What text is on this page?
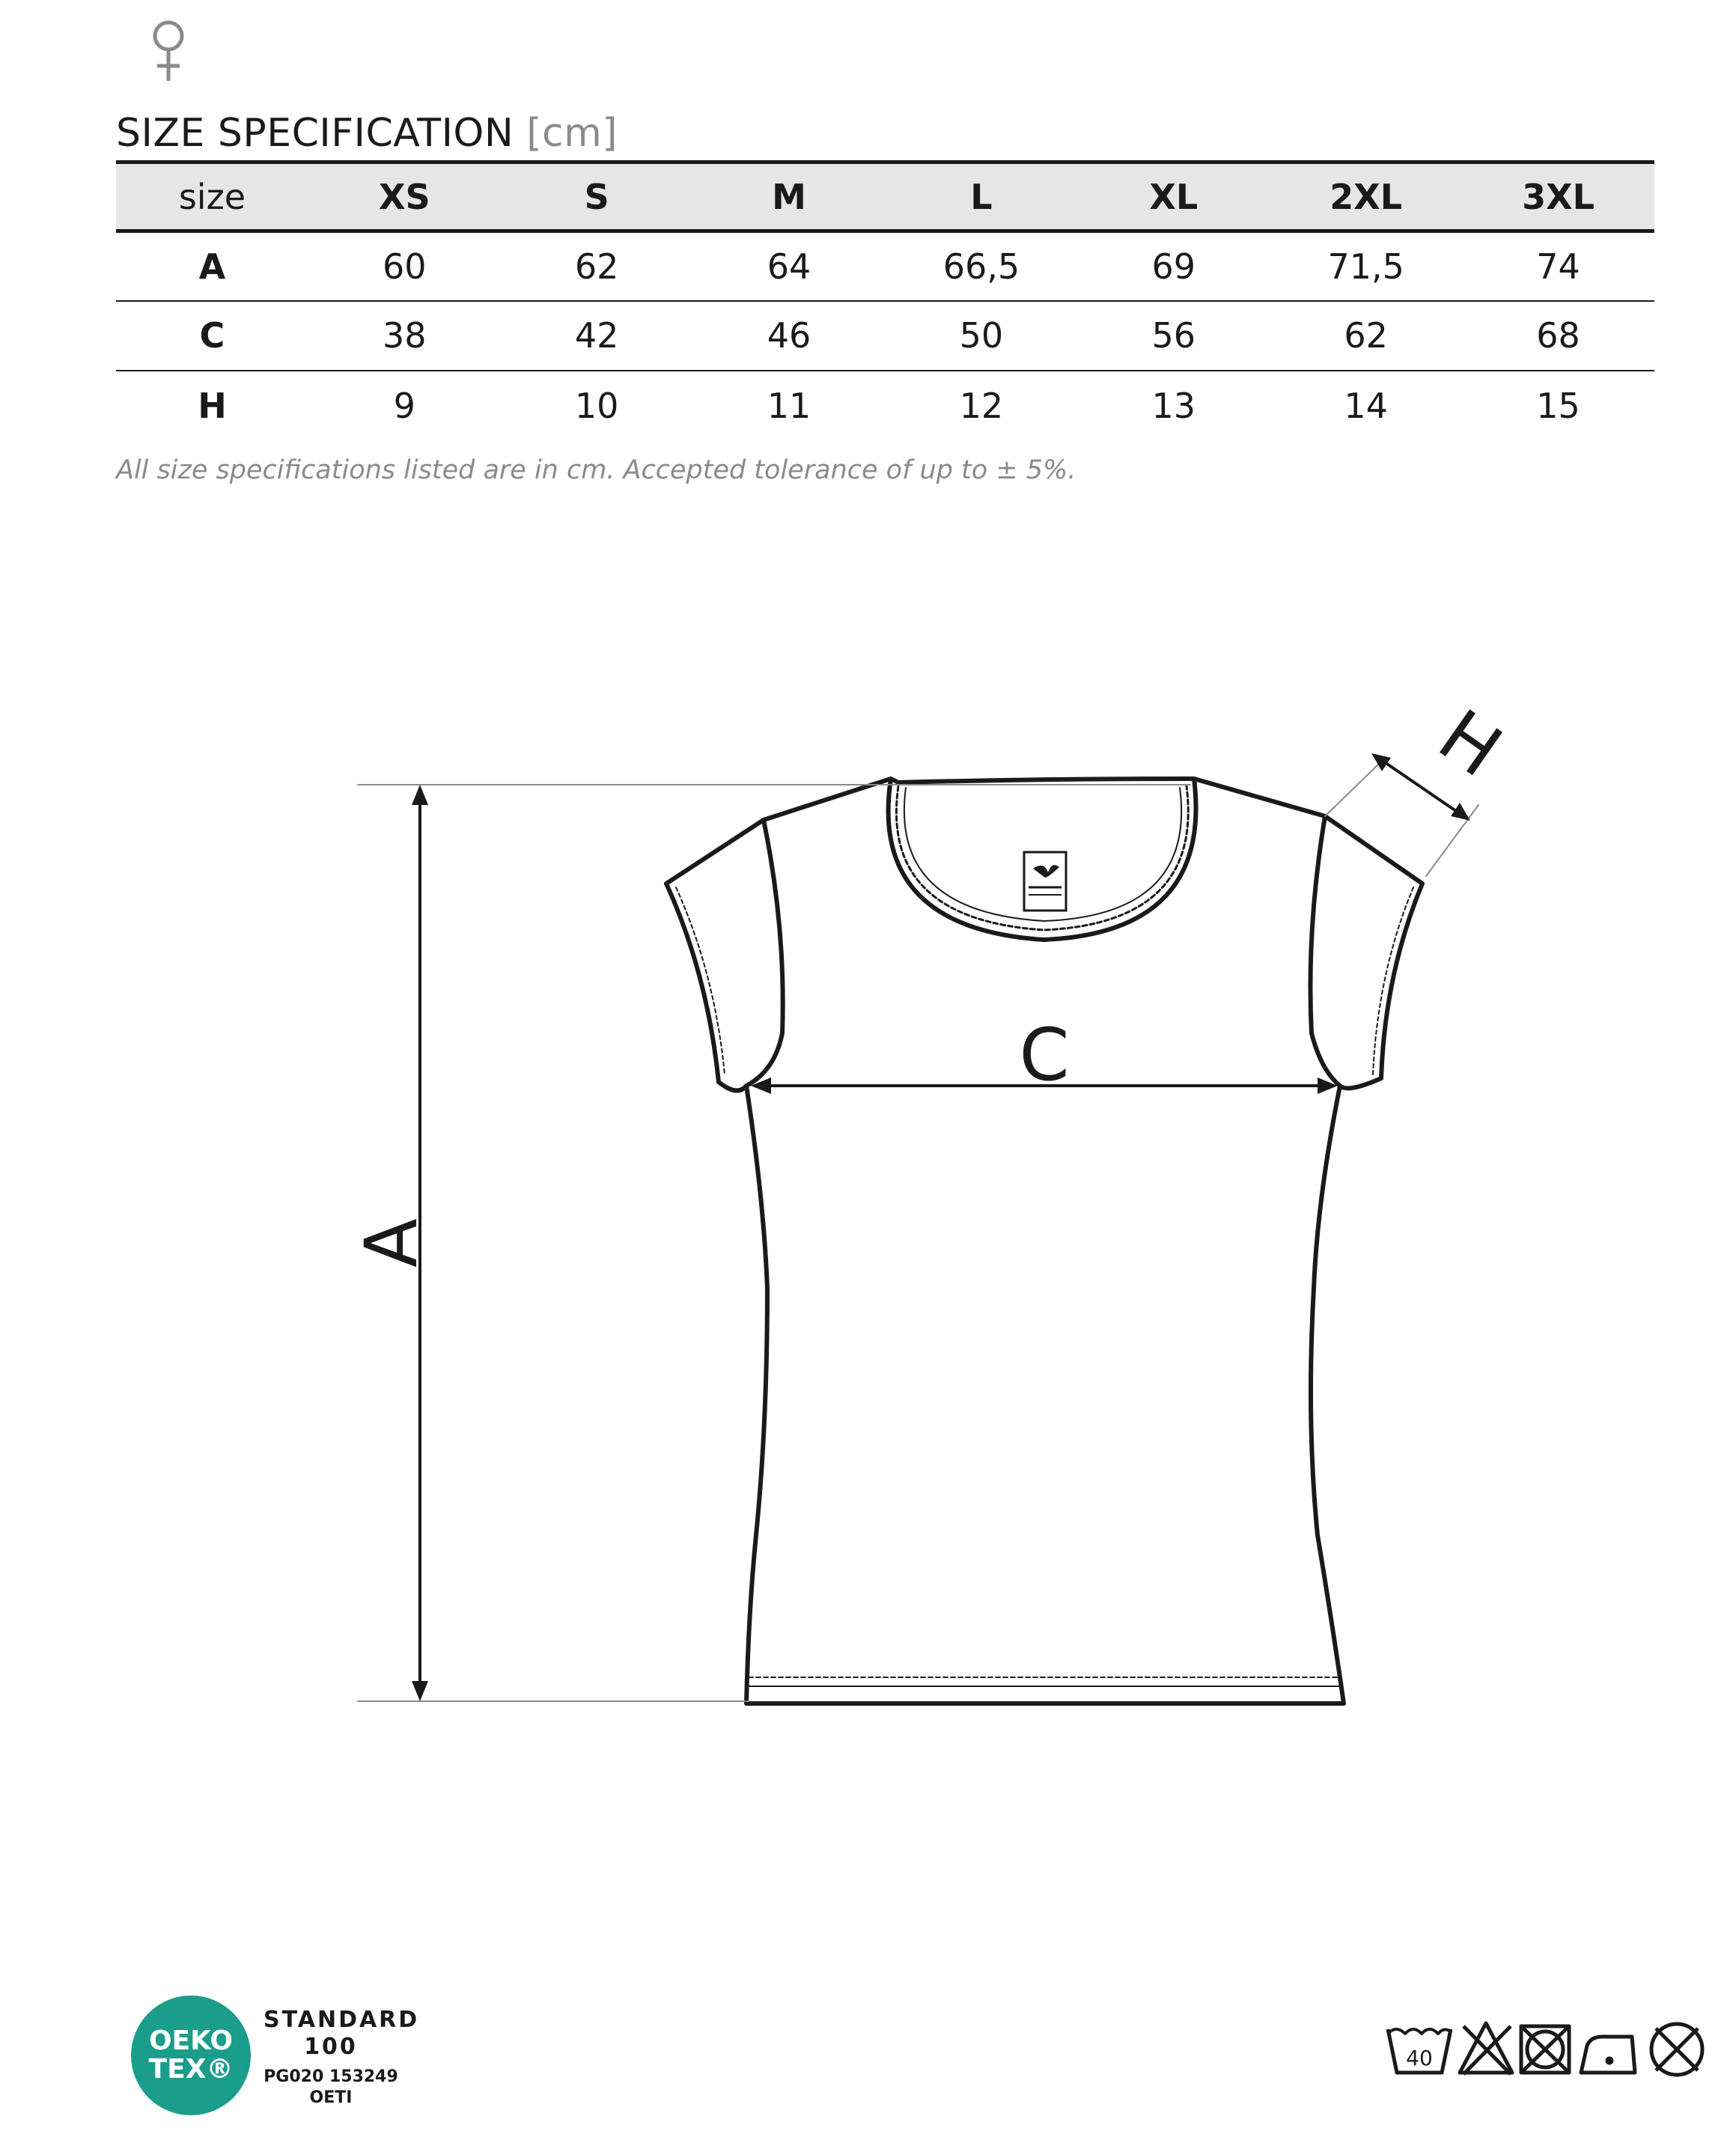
SIZE SPECIFICATION [cm]
size	XS	S	M	L	XL	2XL	3XL
A	60	62	64	66,5	69	71,5	74
C	38	42	46	50	56	62	68
H	9	10	11	12	13	14	15
All size specifications listed are in cm. Accepted tolerance of up to ± 5%.
A
C
H
OEKO
TEX®
STANDARD
100
PG020 153249
OETI
40
